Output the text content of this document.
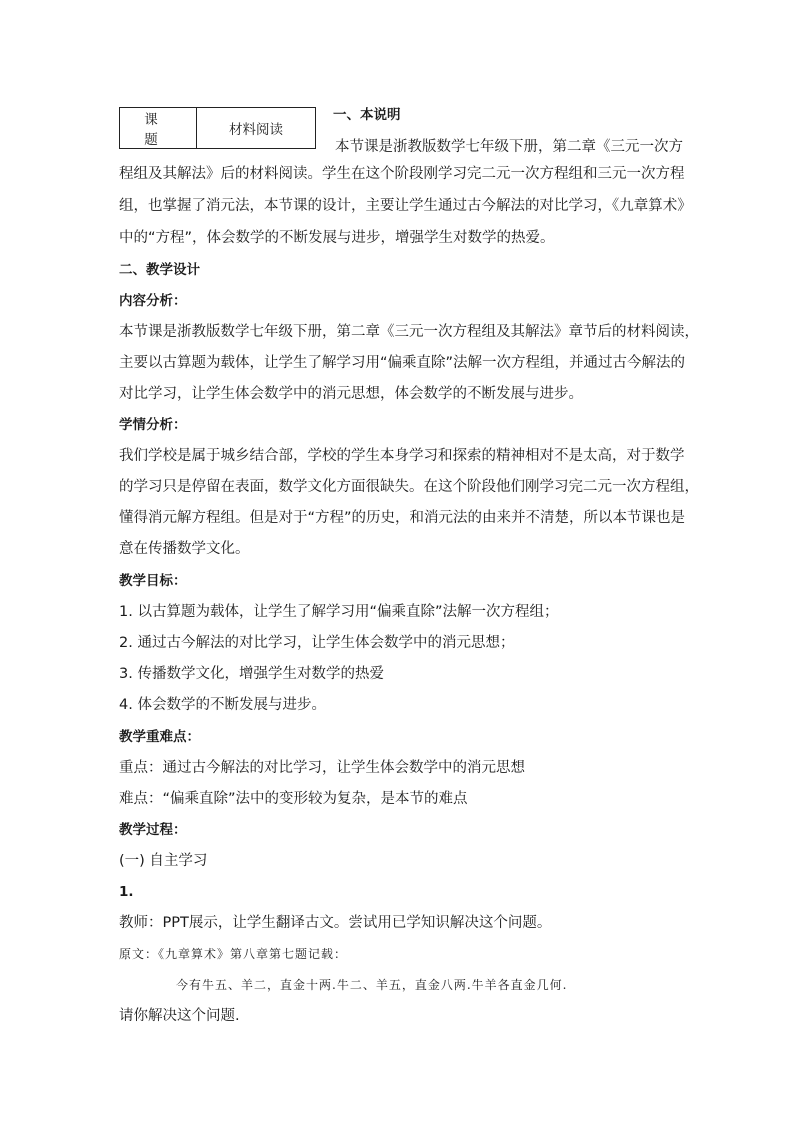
课 题	材料阅读
一、本说明
本节课是浙教版数学七年级下册，第二章《三元一次方
程组及其解法》后的材料阅读。学生在这个阶段刚学习完二元一次方程组和三元一次方程
组，也掌握了消元法，本节课的设计，主要让学生通过古今解法的对比学习，《九章算术》
中的“方程”，体会数学的不断发展与进步，增强学生对数学的热爱。
二、教学设计
内容分析：
本节课是浙教版数学七年级下册，第二章《三元一次方程组及其解法》章节后的材料阅读，
主要以古算题为载体，让学生了解学习用“偏乘直除”法解一次方程组，并通过古今解法的
对比学习，让学生体会数学中的消元思想，体会数学的不断发展与进步。
学情分析：
我们学校是属于城乡结合部，学校的学生本身学习和探索的精神相对不是太高，对于数学
的学习只是停留在表面，数学文化方面很缺失。在这个阶段他们刚学习完二元一次方程组，
懂得消元解方程组。但是对于“方程”的历史，和消元法的由来并不清楚，所以本节课也是
意在传播数学文化。
教学目标：
1. 以古算题为载体，让学生了解学习用“偏乘直除”法解一次方程组；
2. 通过古今解法的对比学习，让学生体会数学中的消元思想；
3. 传播数学文化，增强学生对数学的热爱
4. 体会数学的不断发展与进步。
教学重难点：
重点：通过古今解法的对比学习，让学生体会数学中的消元思想
难点：“偏乘直除”法中的变形较为复杂，是本节的难点
教学过程：
(一) 自主学习
1.
教师：PPT展示，让学生翻译古文。尝试用已学知识解决这个问题。
原文：《九章算术》第八章第七题记载：
今有牛五、羊二，直金十两.牛二、羊五，直金八两.牛羊各直金几何.
请你解决这个问题.
